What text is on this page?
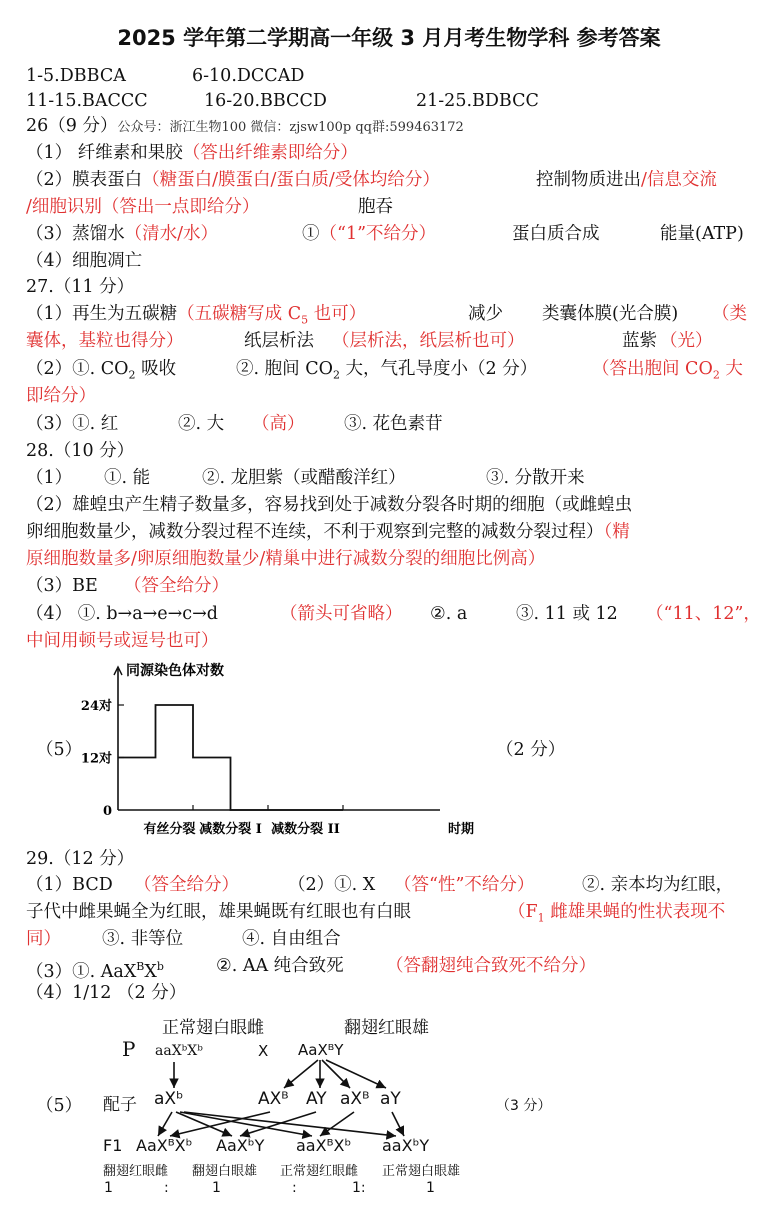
2025 学年第二学期高一年级 3 月月考生物学科 参考答案
1-5.DBBCA	6-10.DCCAD
11-15.BACCC	16-20.BBCCD	21-25.BDBCC
26（9 分）公众号：浙江生物100 微信：zjsw100p qq群:599463172
（1） 纤维素和果胶（答出纤维素即给分）
（2）膜表蛋白（糖蛋白/膜蛋白/蛋白质/受体均给分）	控制物质进出/信息交流
/细胞识别（答出一点即给分）	胞吞
（3）蒸馏水（清水/水）	①（“1”不给分）	蛋白质合成	能量(ATP)
（4）细胞凋亡
27.（11 分）
（1）再生为五碳糖（五碳糖写成 $C_5$ 也可）	减少 类囊体膜(光合膜) （类
囊体，基粒也得分）	纸层析法 （层析法，纸层析也可）	蓝紫 （光）
（2）①. $CO_2$ 吸收	②. 胞间 $CO_2$ 大，气孔导度小（2 分）	（答出胞间 $CO_2$ 大
即给分）
（3）①. 红	②. 大 （高） ③. 花色素苷
28.（10 分）
（1） ①. 能	②. 龙胆紫（或醋酸洋红）	③. 分散开来
（2）雄蝗虫产生精子数量多，容易找到处于减数分裂各时期的细胞（或雌蝗虫
卵细胞数量少，减数分裂过程不连续，不利于观察到完整的减数分裂过程）（精
原细胞数量多/卵原细胞数量少/精巢中进行减数分裂的细胞比例高）
（3）BE （答全给分）
（4） ①. b→a→e→c→d	（箭头可省略） ②. a	③. 11 或 12 （“11、12”，
中间用顿号或逗号也可）
（5）	（2 分）
同源染色体对数
时期
24对
12对
0
有丝分裂 减数分裂 I 减数分裂 II
29.（12 分）
（1）BCD （答全给分）	（2）①. X （答“性”不给分）	②. 亲本均为红眼，
子代中雌果蝇全为红眼，雄果蝇既有红眼也有白眼	（$F_1$ 雌雄果蝇的性状表现不
同） ③. 非等位	④. 自由组合
（3）①. $AaX^BX^b$	②. AA 纯合致死 （答翻翅纯合致死不给分）
（4）1/12 （2 分）
（5）	（3 分）
正常翅白眼雌	翻翅红眼雄
P aaXᵇXᵇ	X AaXᴮY
配子 aXᵇ	AXᴮ AY aXᴮ aY
F1 AaXᴮXᵇ AaXᵇY aaXᴮXᵇ aaXᵇY
翻翅红眼雌 翻翅白眼雄 正常翅红眼雌 正常翅白眼雄
1	:	1	:	1:	1
